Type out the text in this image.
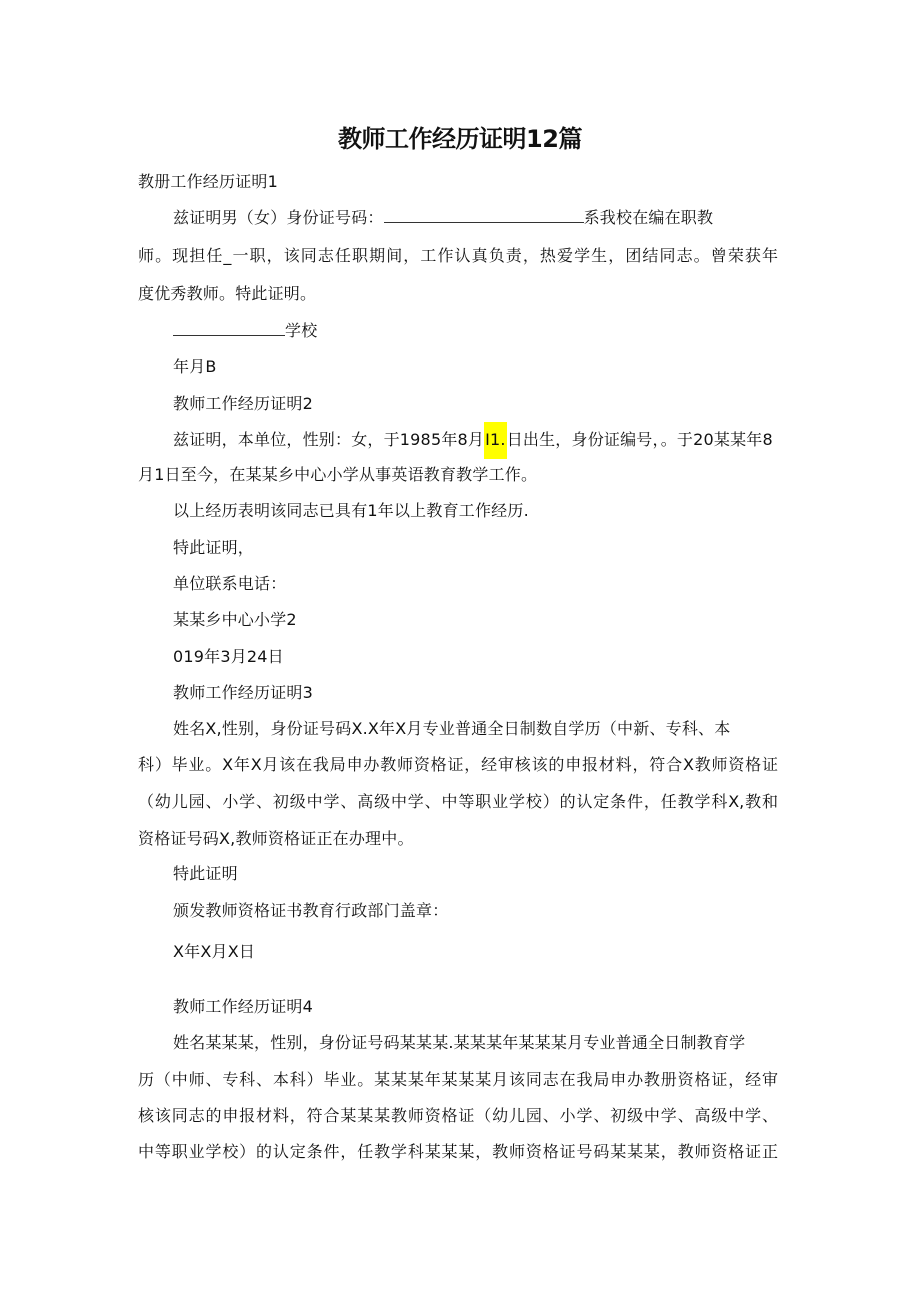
教师工作经历证明12篇
教册工作经历证明1
兹证明男（女）身份证号码：	系我校在编在职教
师。现担任_一职，该同志任职期间，工作认真负责，热爱学生，团结同志。曾荣获年
度优秀教师。特此证明。
学校
年月B
教师工作经历证明2
兹证明，本单位，性别：女，于1985年8月I1.日出生，身份证编号，。于20某某年8
月1日至今，在某某乡中心小学从事英语教育教学工作。
以上经历表明该同志已具有1年以上教育工作经历.
特此证明，
单位联系电话：
某某乡中心小学2
019年3月24日
教师工作经历证明3
姓名X,性别，身份证号码X.X年X月专业普通全日制数自学历（中新、专科、本
科）毕业。X年X月该在我局申办教师资格证，经审核该的申报材料，符合X教师资格证
（幼儿园、小学、初级中学、高级中学、中等职业学校）的认定条件，任教学科X,教和
资格证号码X,教师资格证正在办理中。
特此证明
颁发教师资格证书教育行政部门盖章：
X年X月X日
教师工作经历证明4
姓名某某某，性别，身份证号码某某某.某某某年某某某月专业普通全日制教育学
历（中师、专科、本科）毕业。某某某年某某某月该同志在我局申办教册资格证，经审
核该同志的申报材料，符合某某某教师资格证（幼儿园、小学、初级中学、高级中学、
中等职业学校）的认定条件，任教学科某某某，教师资格证号码某某某，教师资格证正
